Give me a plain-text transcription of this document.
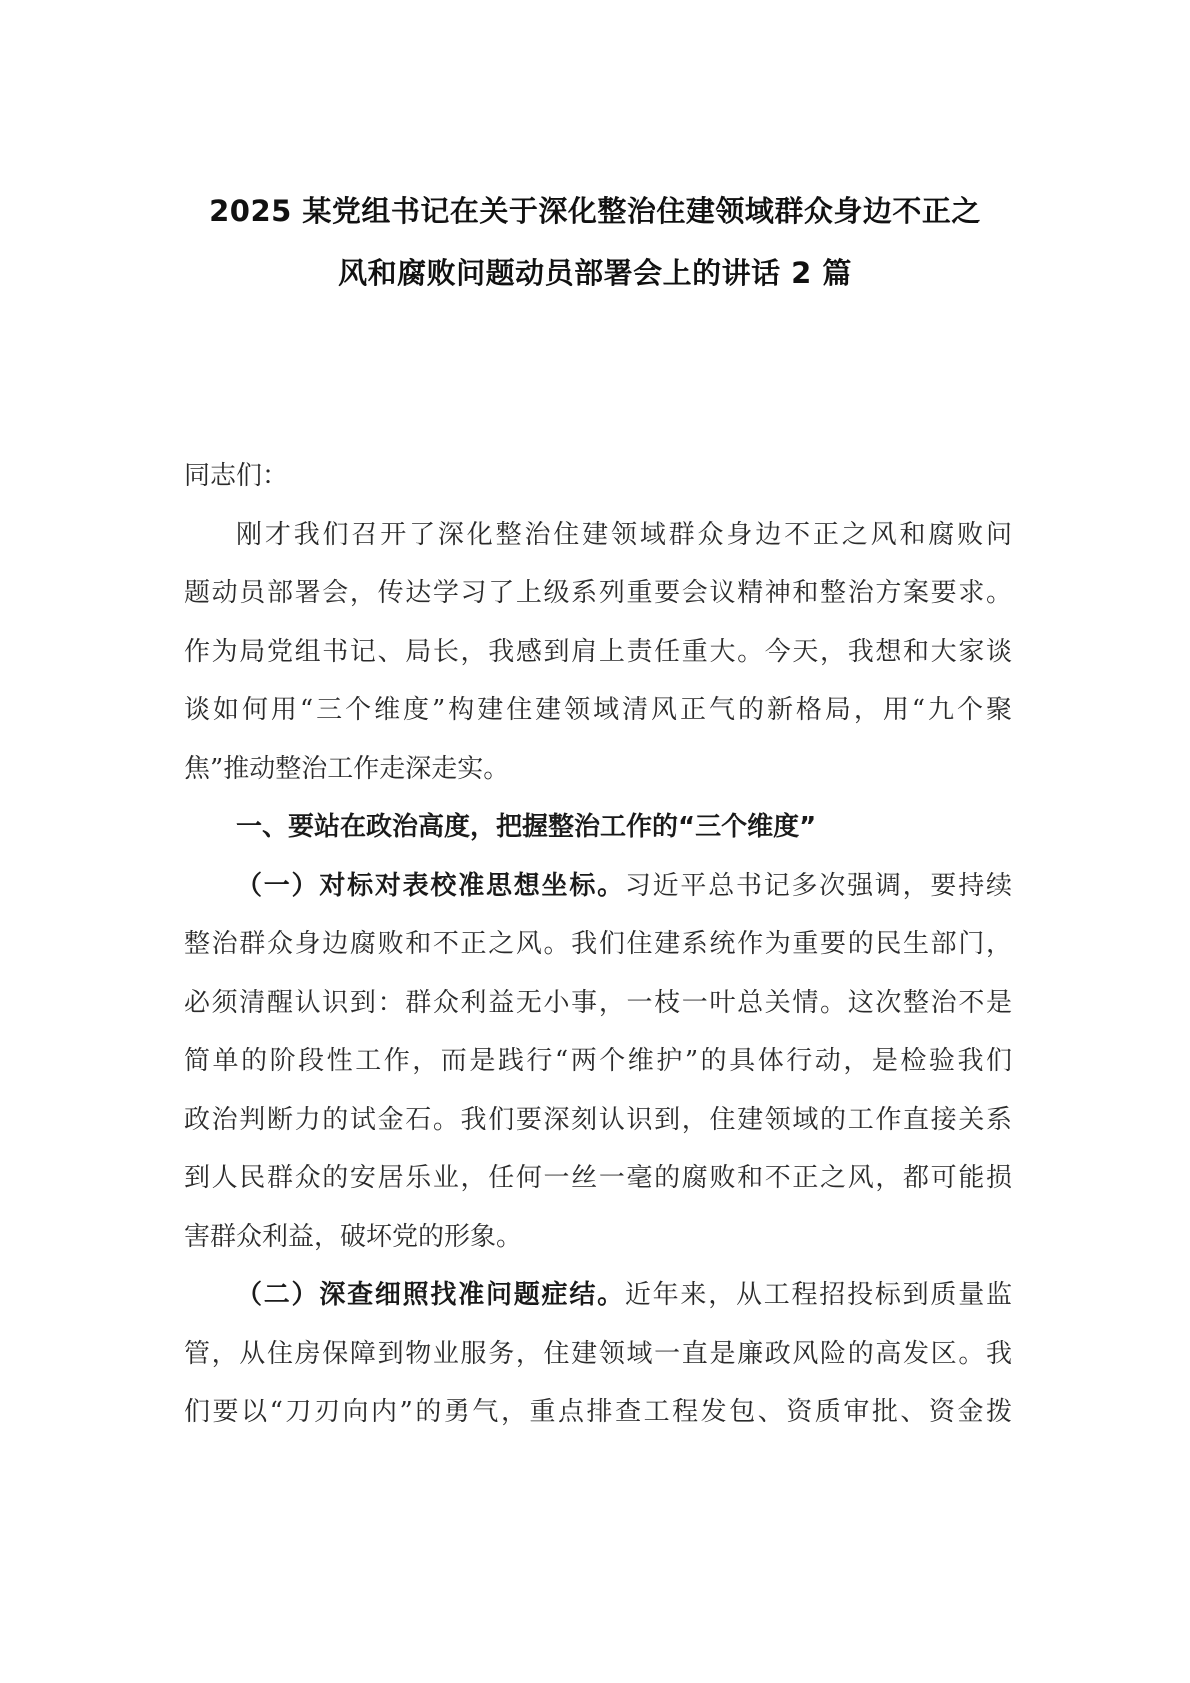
2025 某党组书记在关于深化整治住建领域群众身边不正之
风和腐败问题动员部署会上的讲话 2 篇
同志们：
刚才我们召开了深化整治住建领域群众身边不正之风和腐败问
题动员部署会，传达学习了上级系列重要会议精神和整治方案要求。
作为局党组书记、局长，我感到肩上责任重大。今天，我想和大家谈
谈如何用“三个维度”构建住建领域清风正气的新格局，用“九个聚
焦”推动整治工作走深走实。
一、要站在政治高度，把握整治工作的“三个维度”
（一）对标对表校准思想坐标。习近平总书记多次强调，要持续
整治群众身边腐败和不正之风。我们住建系统作为重要的民生部门，
必须清醒认识到：群众利益无小事，一枝一叶总关情。这次整治不是
简单的阶段性工作，而是践行“两个维护”的具体行动，是检验我们
政治判断力的试金石。我们要深刻认识到，住建领域的工作直接关系
到人民群众的安居乐业，任何一丝一毫的腐败和不正之风，都可能损
害群众利益，破坏党的形象。
（二）深查细照找准问题症结。近年来，从工程招投标到质量监
管，从住房保障到物业服务，住建领域一直是廉政风险的高发区。我
们要以“刀刃向内”的勇气，重点排查工程发包、资质审批、资金拨
